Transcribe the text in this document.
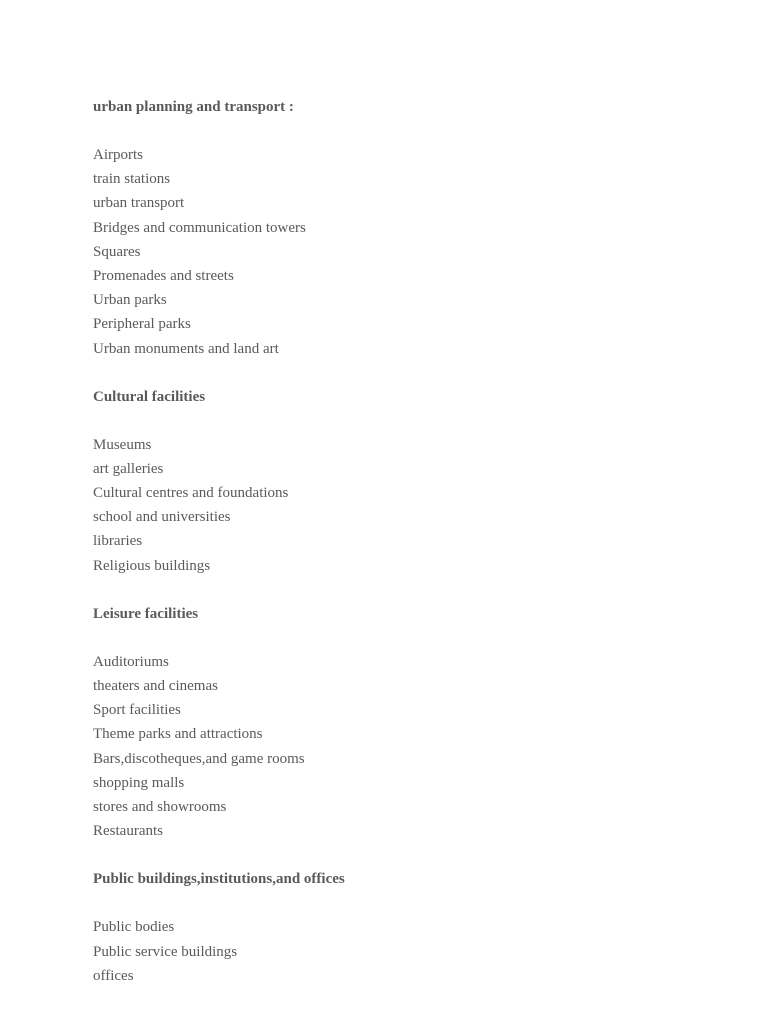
urban planning and transport :
Airports
train stations
urban transport
Bridges and communication towers
Squares
Promenades and streets
Urban parks
Peripheral parks
Urban monuments and land art
Cultural facilities
Museums
art galleries
Cultural centres and foundations
school and universities
libraries
Religious buildings
Leisure facilities
Auditoriums
theaters and cinemas
Sport facilities
Theme parks and attractions
Bars,discotheques,and game rooms
shopping malls
stores and showrooms
Restaurants
Public buildings,institutions,and offices
Public bodies
Public service buildings
offices
